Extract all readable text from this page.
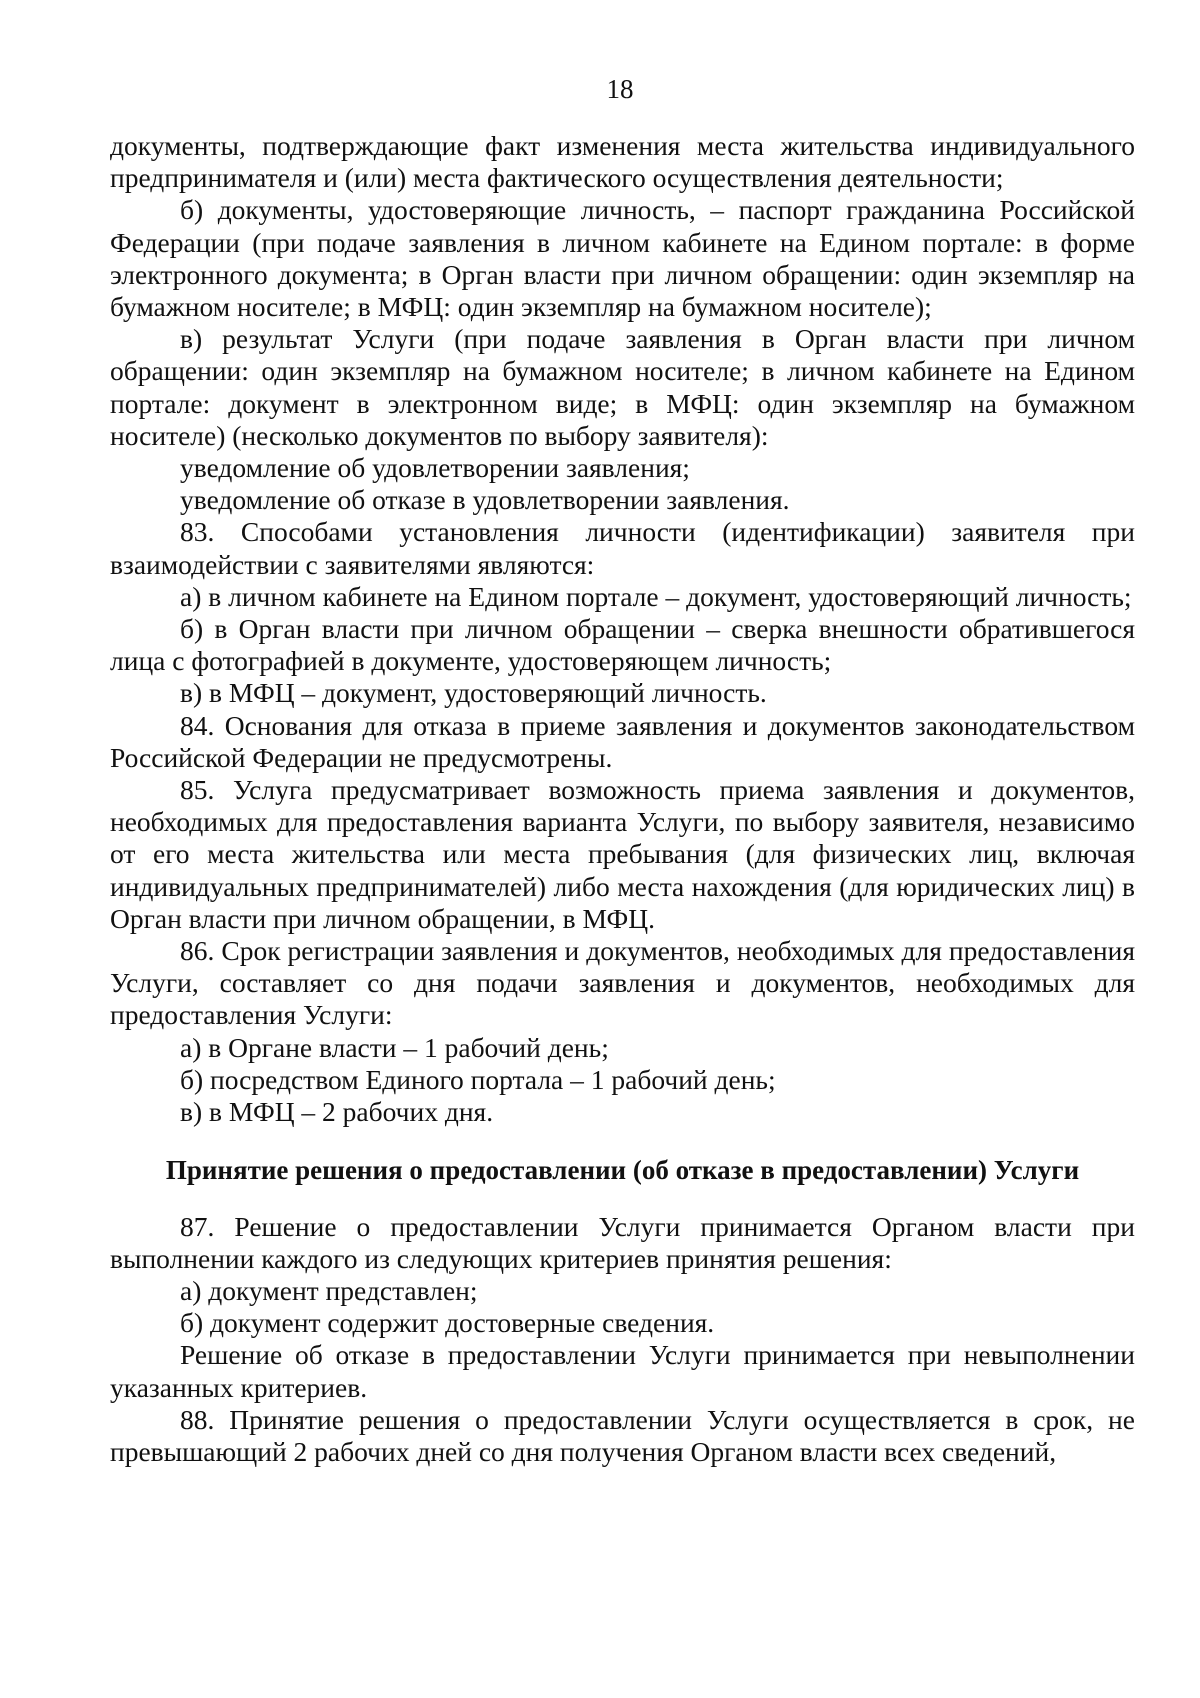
18

документы, подтверждающие факт изменения места жительства индивидуального предпринимателя и (или) места фактического осуществления деятельности;

б) документы, удостоверяющие личность, – паспорт гражданина Российской Федерации (при подаче заявления в личном кабинете на Едином портале: в форме электронного документа; в Орган власти при личном обращении: один экземпляр на бумажном носителе; в МФЦ: один экземпляр на бумажном носителе);

в) результат Услуги (при подаче заявления в Орган власти при личном обращении: один экземпляр на бумажном носителе; в личном кабинете на Едином портале: документ в электронном виде; в МФЦ: один экземпляр на бумажном носителе) (несколько документов по выбору заявителя):

уведомление об удовлетворении заявления;

уведомление об отказе в удовлетворении заявления.

83. Способами установления личности (идентификации) заявителя при взаимодействии с заявителями являются:

а) в личном кабинете на Едином портале – документ, удостоверяющий личность;

б) в Орган власти при личном обращении – сверка внешности обратившегося лица с фотографией в документе, удостоверяющем личность;

в) в МФЦ – документ, удостоверяющий личность.

84. Основания для отказа в приеме заявления и документов законодательством Российской Федерации не предусмотрены.

85. Услуга предусматривает возможность приема заявления и документов, необходимых для предоставления варианта Услуги, по выбору заявителя, независимо от его места жительства или места пребывания (для физических лиц, включая индивидуальных предпринимателей) либо места нахождения (для юридических лиц) в Орган власти при личном обращении, в МФЦ.

86. Срок регистрации заявления и документов, необходимых для предоставления Услуги, составляет со дня подачи заявления и документов, необходимых для предоставления Услуги:

а) в Органе власти – 1 рабочий день;

б) посредством Единого портала – 1 рабочий день;

в) в МФЦ – 2 рабочих дня.

Принятие решения о предоставлении (об отказе в предоставлении) Услуги

87. Решение о предоставлении Услуги принимается Органом власти при выполнении каждого из следующих критериев принятия решения:

а) документ представлен;

б) документ содержит достоверные сведения.

Решение об отказе в предоставлении Услуги принимается при невыполнении указанных критериев.

88. Принятие решения о предоставлении Услуги осуществляется в срок, не превышающий 2 рабочих дней со дня получения Органом власти всех сведений,
